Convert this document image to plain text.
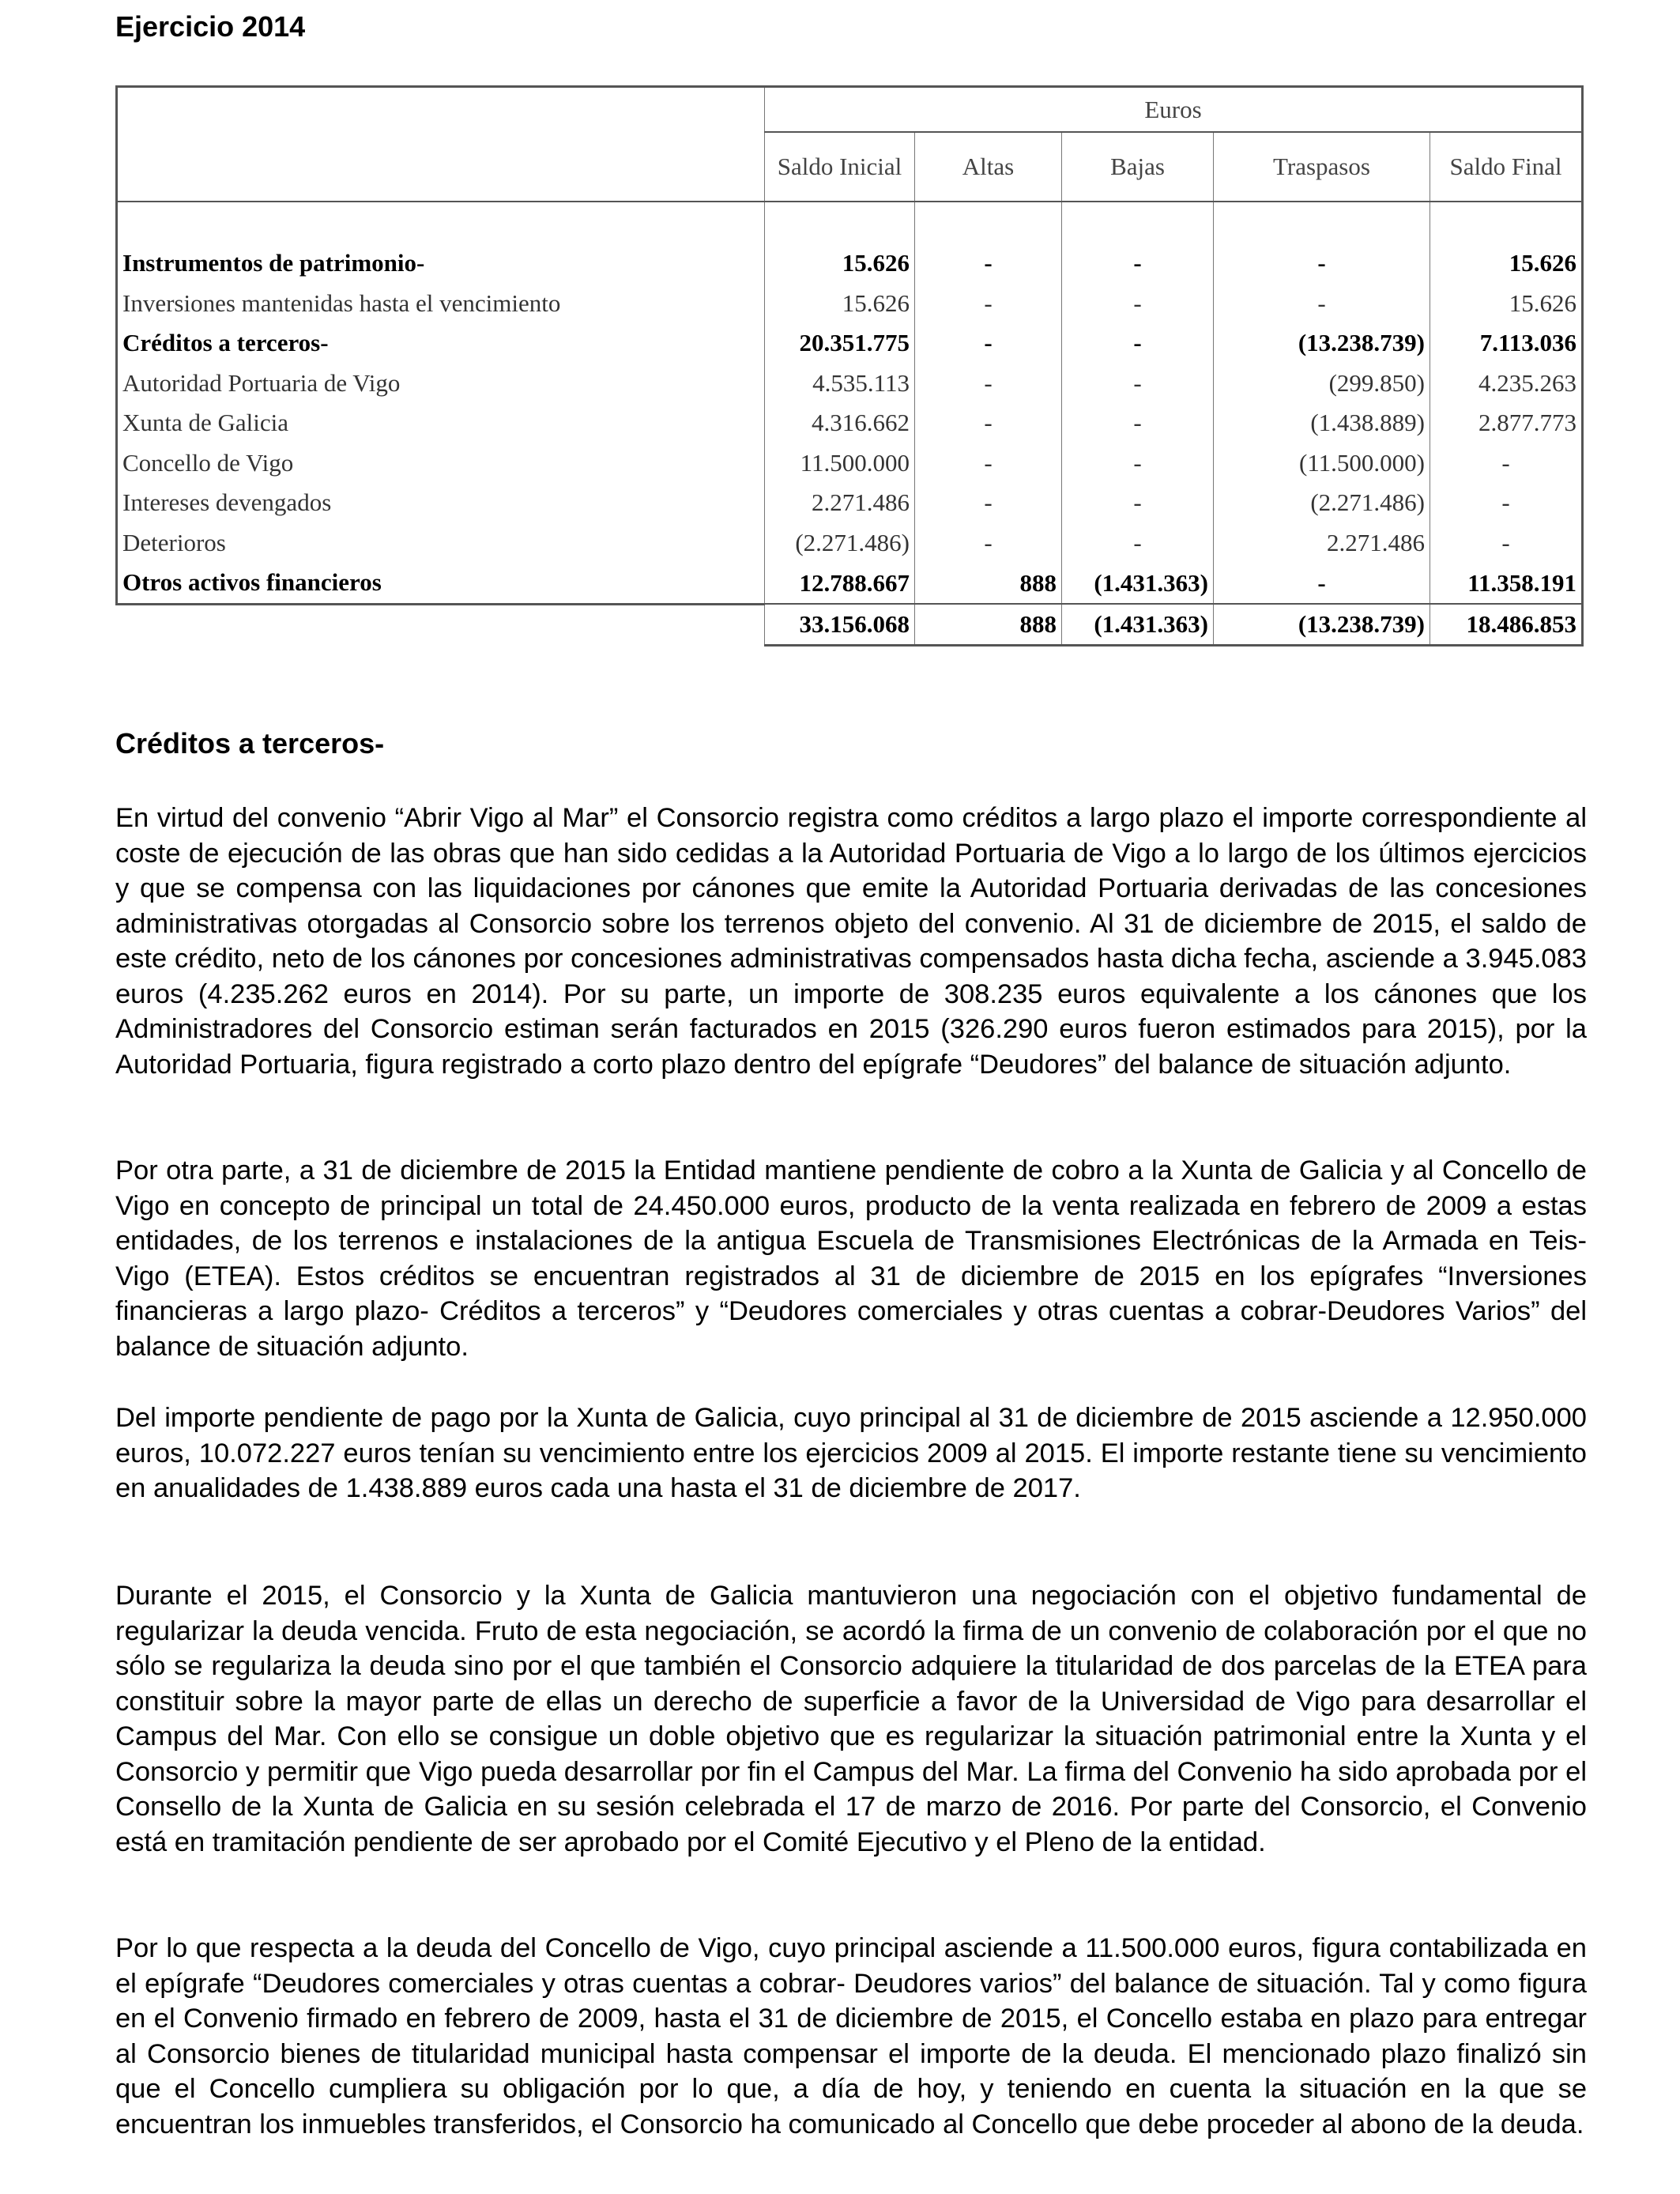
Ejercicio 2014
	Euros				
	Saldo Inicial	Altas	Bajas	Traspasos	Saldo Final

Instrumentos de patrimonio-	15.626	-	-	-	15.626
Inversiones mantenidas hasta el vencimiento	15.626	-	-	-	15.626
Créditos a terceros-	20.351.775	-	-	(13.238.739)	7.113.036
Autoridad Portuaria de Vigo	4.535.113	-	-	(299.850)	4.235.263
Xunta de Galicia	4.316.662	-	-	(1.438.889)	2.877.773
Concello de Vigo	11.500.000	-	-	(11.500.000)	-
Intereses devengados	2.271.486	-	-	(2.271.486)	-
Deterioros	(2.271.486)	-	-	2.271.486	-
Otros activos financieros	12.788.667	888	(1.431.363)	-	11.358.191
	33.156.068	888	(1.431.363)	(13.238.739)	18.486.853
Créditos a terceros-

En virtud del convenio “Abrir Vigo al Mar” el Consorcio registra como créditos a largo plazo el importe correspondiente al coste de ejecución de las obras que han sido cedidas a la Autoridad Portuaria de Vigo a lo largo de los últimos ejercicios y que se compensa con las liquidaciones por cánones que emite la Autoridad Portuaria derivadas de las concesiones administrativas otorgadas al Consorcio sobre los terrenos objeto del convenio. Al 31 de diciembre de 2015, el saldo de este crédito, neto de los cánones por concesiones administrativas compensados hasta dicha fecha, asciende a 3.945.083 euros (4.235.262 euros en 2014). Por su parte, un importe de 308.235 euros equivalente a los cánones que los Administradores del Consorcio estiman serán facturados en 2015 (326.290 euros fueron estimados para 2015), por la Autoridad Portuaria, figura registrado a corto plazo dentro del epígrafe “Deudores” del balance de situación adjunto.

Por otra parte, a 31 de diciembre de 2015 la Entidad mantiene pendiente de cobro a la Xunta de Galicia y al Concello de Vigo en concepto de principal un total de 24.450.000 euros, producto de la venta realizada en febrero de 2009 a estas entidades, de los terrenos e instalaciones de la antigua Escuela de Transmisiones Electrónicas de la Armada en Teis-Vigo (ETEA). Estos créditos se encuentran registrados al 31 de diciembre de 2015 en los epígrafes “Inversiones financieras a largo plazo- Créditos a terceros” y “Deudores comerciales y otras cuentas a cobrar-Deudores Varios” del balance de situación adjunto.

Del importe pendiente de pago por la Xunta de Galicia, cuyo principal al 31 de diciembre de 2015 asciende a 12.950.000 euros, 10.072.227 euros tenían su vencimiento entre los ejercicios 2009 al 2015. El importe restante tiene su vencimiento en anualidades de 1.438.889 euros cada una hasta el 31 de diciembre de 2017.

Durante el 2015, el Consorcio y la Xunta de Galicia mantuvieron una negociación con el objetivo fundamental de regularizar la deuda vencida. Fruto de esta negociación, se acordó la firma de un convenio de colaboración por el que no sólo se regulariza la deuda sino por el que también el Consorcio adquiere la titularidad de dos parcelas de la ETEA para constituir sobre la mayor parte de ellas un derecho de superficie a favor de la Universidad de Vigo para desarrollar el Campus del Mar. Con ello se consigue un doble objetivo que es regularizar la situación patrimonial entre la Xunta y el Consorcio y permitir que Vigo pueda desarrollar por fin el Campus del Mar. La firma del Convenio ha sido aprobada por el Consello de la Xunta de Galicia en su sesión celebrada el 17 de marzo de 2016. Por parte del Consorcio, el Convenio está en tramitación pendiente de ser aprobado por el Comité Ejecutivo y el Pleno de la entidad.

Por lo que respecta a la deuda del Concello de Vigo, cuyo principal asciende a 11.500.000 euros, figura contabilizada en el epígrafe “Deudores comerciales y otras cuentas a cobrar- Deudores varios” del balance de situación. Tal y como figura en el Convenio firmado en febrero de 2009, hasta el 31 de diciembre de 2015, el Concello estaba en plazo para entregar al Consorcio bienes de titularidad municipal hasta compensar el importe de la deuda. El mencionado plazo finalizó sin que el Concello cumpliera su obligación por lo que, a día de hoy, y teniendo en cuenta la situación en la que se encuentran los inmuebles transferidos, el Consorcio ha comunicado al Concello que debe proceder al abono de la deuda.
